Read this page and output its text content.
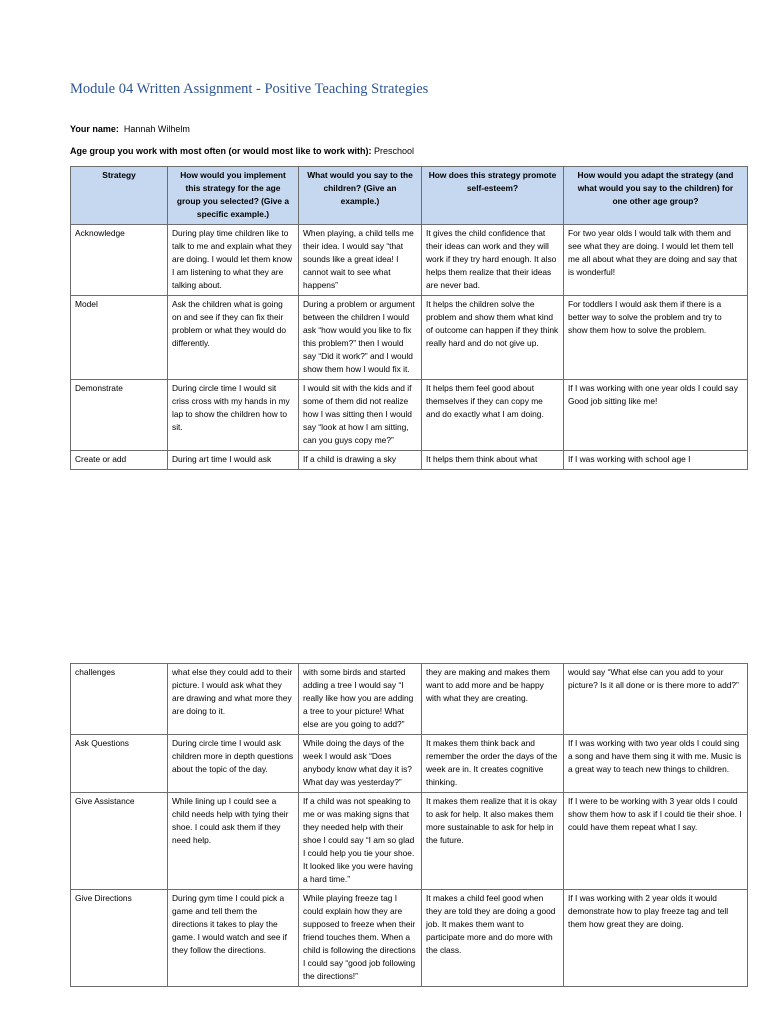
Module 04 Written Assignment - Positive Teaching Strategies
Your name: Hannah Wilhelm
Age group you work with most often (or would most like to work with): Preschool
Strategy	How would you implement this strategy for the age group you selected? (Give a specific example.)	What would you say to the children? (Give an example.)	How does this strategy promote self-esteem?	How would you adapt the strategy (and what would you say to the children) for one other age group?
Acknowledge	During play time children like to talk to me and explain what they are doing. I would let them know I am listening to what they are talking about.	When playing, a child tells me their idea. I would say “that sounds like a great idea! I cannot wait to see what happens”	It gives the child confidence that their ideas can work and they will work if they try hard enough. It also helps them realize that their ideas are never bad.	For two year olds I would talk with them and see what they are doing. I would let them tell me all about what they are doing and say that is wonderful!
Model	Ask the children what is going on and see if they can fix their problem or what they would do differently.	During a problem or argument between the children I would ask “how would you like to fix this problem?” then I would say “Did it work?” and I would show them how I would fix it.	It helps the children solve the problem and show them what kind of outcome can happen if they think really hard and do not give up.	For toddlers I would ask them if there is a better way to solve the problem and try to show them how to solve the problem.
Demonstrate	During circle time I would sit criss cross with my hands in my lap to show the children how to sit.	I would sit with the kids and if some of them did not realize how I was sitting then I would say “look at how I am sitting, can you guys copy me?”	It helps them feel good about themselves if they can copy me and do exactly what I am doing.	If I was working with one year olds I could say Good job sitting like me!
Create or add	During art time I would ask	If a child is drawing a sky	It helps them think about what	If I was working with school age I
challenges	what else they could add to their picture. I would ask what they are drawing and what more they are doing to it.	with some birds and started adding a tree I would say “I really like how you are adding a tree to your picture! What else are you going to add?”	they are making and makes them want to add more and be happy with what they are creating.	would say “What else can you add to your picture? Is it all done or is there more to add?”
Ask Questions	During circle time I would ask children more in depth questions about the topic of the day.	While doing the days of the week I would ask “Does anybody know what day it is? What day was yesterday?”	It makes them think back and remember the order the days of the week are in. It creates cognitive thinking.	If I was working with two year olds I could sing a song and have them sing it with me. Music is a great way to teach new things to children.
Give Assistance	While lining up I could see a child needs help with tying their shoe. I could ask them if they need help.	If a child was not speaking to me or was making signs that they needed help with their shoe I could say “I am so glad I could help you tie your shoe. It looked like you were having a hard time.”	It makes them realize that it is okay to ask for help. It also makes them more sustainable to ask for help in the future.	If I were to be working with 3 year olds I could show them how to ask if I could tie their shoe. I could have them repeat what I say.
Give Directions	During gym time I could pick a game and tell them the directions it takes to play the game. I would watch and see if they follow the directions.	While playing freeze tag I could explain how they are supposed to freeze when their friend touches them. When a child is following the directions I could say “good job following the directions!”	It makes a child feel good when they are told they are doing a good job. It makes them want to participate more and do more with the class.	If I was working with 2 year olds it would demonstrate how to play freeze tag and tell them how great they are doing.
